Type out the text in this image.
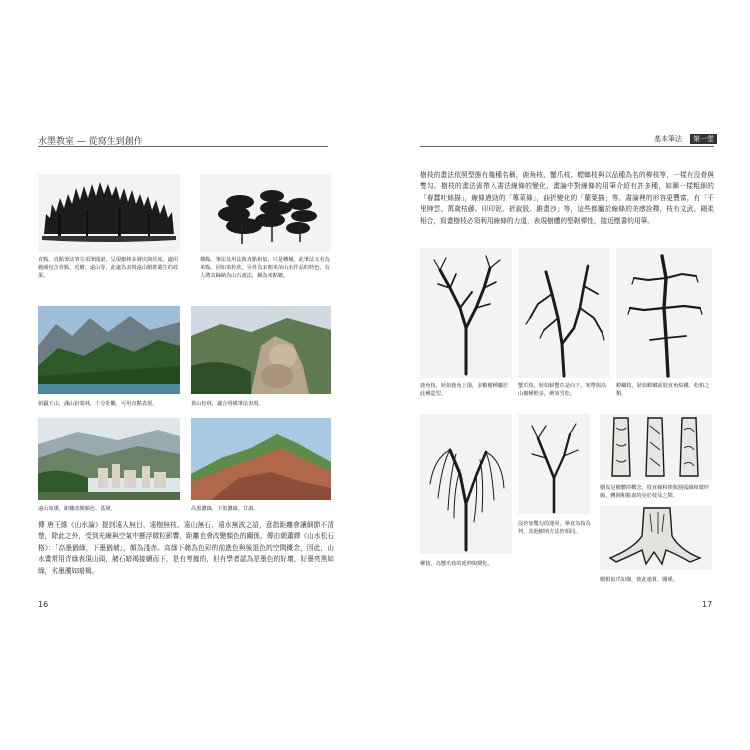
水墨教室 — 從寫生到創作
直點。直點筆法筆尖須筆圓滾，呈現樹林多層次與厚度，適用範圍包含苔點、近樹、遠山等，此處為表現遠山樹群叢生的效果。
橫點。筆法及用法與直點相似，只是轉橫。此筆法又名為米點，因如米粒狀，另外為宋朝米芾山水作品的特色，有人將其歸納為山石畫法，稱為米點皴。
新疆天山，滿山針葉林，十分壯觀，可用直點表現。	黃山松林，適合用橫筆法表現。
遠山如黛，距離改變顏色、基隆。	高墨濃綠，下墨濃綠，甘肅。
傳 唐王維《山水論》提到遠人無目、遠樹無枝、遠山無石、遠水無波之語，意指距離會讓細節不清楚，除此之外，受到光線與空氣中懸浮微粒影響，距離也會改變顏色的關係，傳由朝蕭繹《山水松石格》：「高墨猶綠，下墨猶赭」，顏為淺赤。高綠下赭為色彩的前進色與後退色的空間概念，因此，山水畫常用青綠表現山頭，赭石暗褐接續而下，是有考據的，但有學者認為是墨色的好壞，好墨亮黑如綠，劣墨濁如暗褐。
16
基本筆法	第一堂
樹枝的畫法依照型態有幾種名稱，鹿角枝、蟹爪枝、螳螂枝與以品種為名的柳枝等，一樣有沒骨與雙勾。樹枝的畫法需帶入書法線條的變化，畫論中對線條的用筆介紹有許多種，如圖一樣粗細的「春蠶吐絲描」，線條遒勁的「蓴菜條」，曲折變化的「蘭葉描」等。書論裡的形容更豐富，有「千里陣雲、萬歲枯藤、印印泥、折釵股、錐畫沙」等，這些都屬於線條的美感詮釋，枝有文武、剛柔相合，寫畫樹枝必須利用線條的力道，表現樹體的堅韌彈性，接近壓書的用筆。
鹿角枝，狀如鹿角上揚，多數樹種屬於此種造型。
蟹爪枝，狀如螃蟹爪是向下，寒帶與高山樹種較多，例如雪松。
螳螂枝，狀如螳螂前肢直角結構，松柏之類。
柳枝，為蟹爪枝的延伸與變化。
沒骨加雙勾的運用，畢竟為枝為判，其他樹則方法皆相同。
樹皮是樹體的概念，枝直線和捧與圓弧線和環形線，轉圓和點畫的亮於枝及之類。
樹根似爪如盤，彼此連貫、關係。
17
